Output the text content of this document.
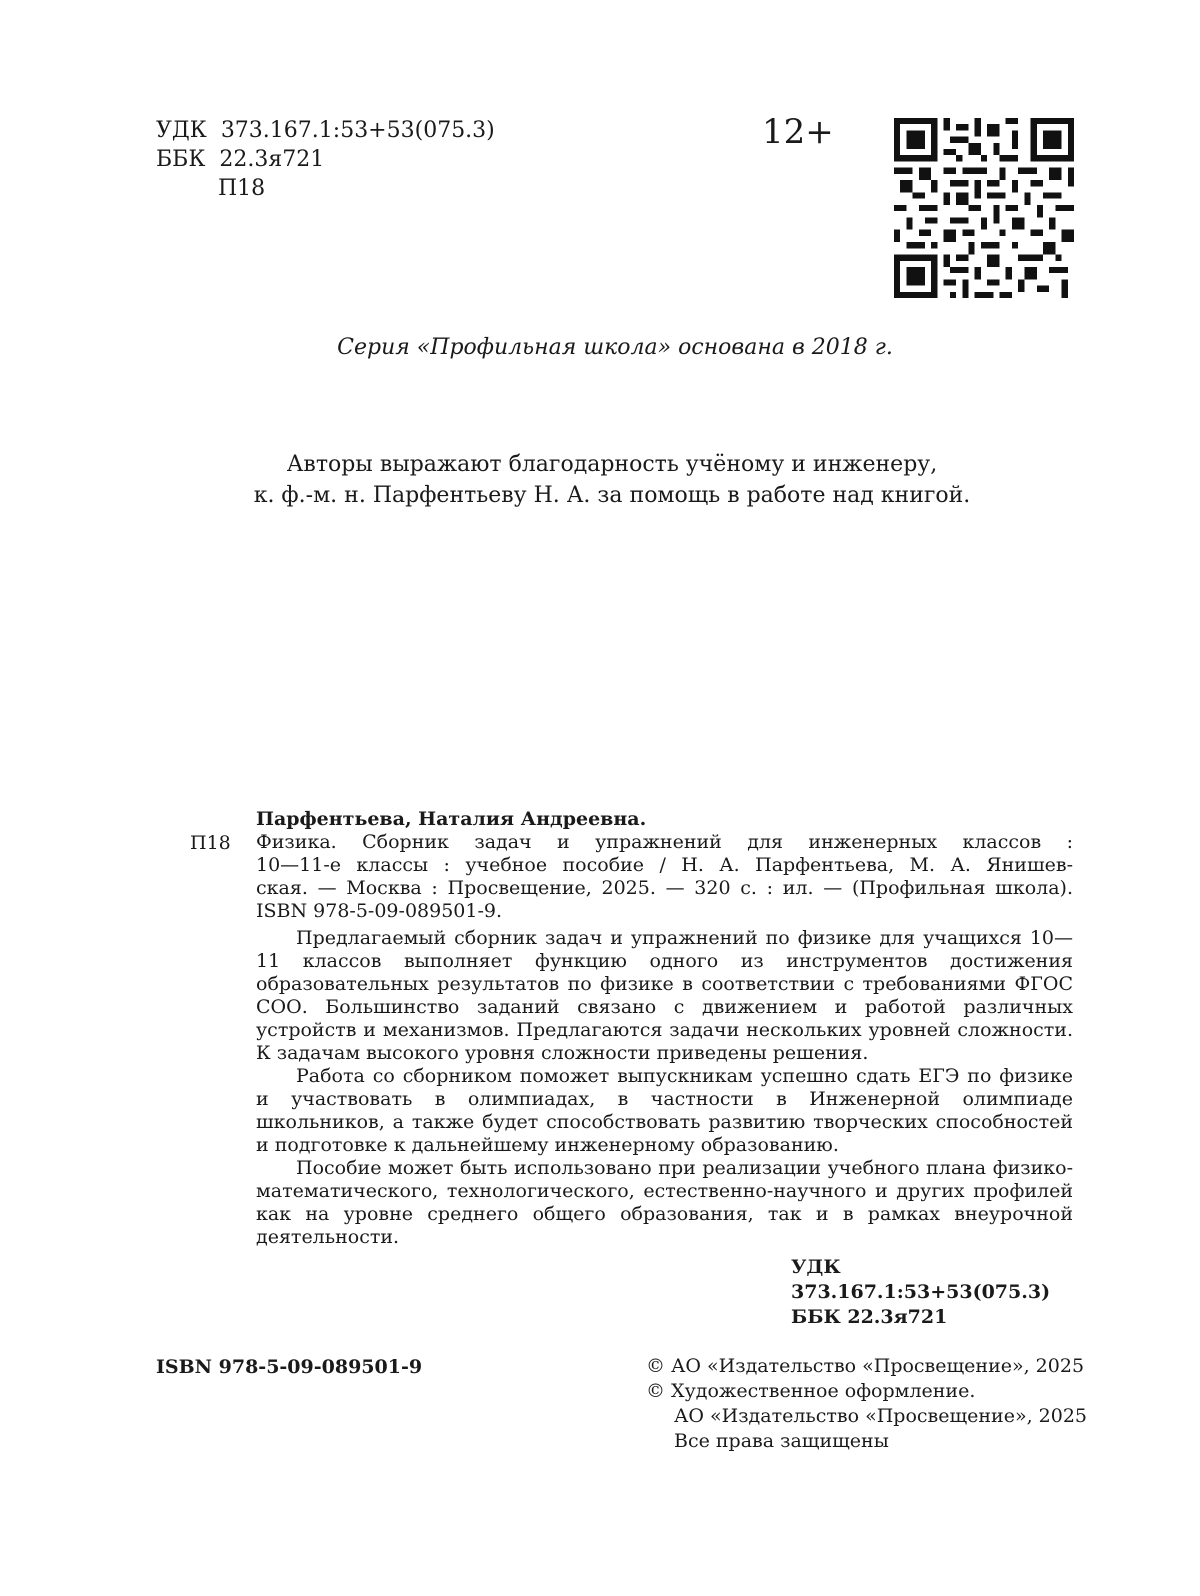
УДК 373.167.1:53+53(075.3)
ББК 22.3я721
П18
12+
Серия «Профильная школа» основана в 2018 г.
Авторы выражают благодарность учёному и инженеру,
к. ф.-м. н. Парфентьеву Н. А. за помощь в работе над книгой.
П18

Парфентьева, Наталия Андреевна.

Физика. Сборник задач и упражнений для инженерных классов :

10—11-е классы : учебное пособие / Н. А. Парфентьева, М. А. Янишев-

ская. — Москва : Просвещение, 2025. — 320 с. : ил. — (Профильная школа).

ISBN 978-5-09-089501-9.

Предлагаемый сборник задач и упражнений по физике для учащихся 10—11 классов выполняет функцию одного из инструментов достижения образовательных результатов по физике в соответствии с требованиями ФГОС СОО. Большинство заданий связано с движением и работой различных устройств и механизмов. Предлагаются задачи нескольких уровней сложности. К задачам высокого уровня сложности приведены решения.

Работа со сборником поможет выпускникам успешно сдать ЕГЭ по физике и участвовать в олимпиадах, в частности в Инженерной олимпиаде школьников, а также будет способствовать развитию творческих способностей и подготовке к дальнейшему инженерному образованию.

Пособие может быть использовано при реализации учебного плана физико-математического, технологического, естественно-научного и других профилей как на уровне среднего общего образования, так и в рамках внеурочной деятельности.

УДК 373.167.1:53+53(075.3)
ББК 22.3я721
ISBN 978-5-09-089501-9	© АО «Издательство «Просвещение», 2025
© Художественное оформление.
АО «Издательство «Просвещение», 2025
Все права защищены
